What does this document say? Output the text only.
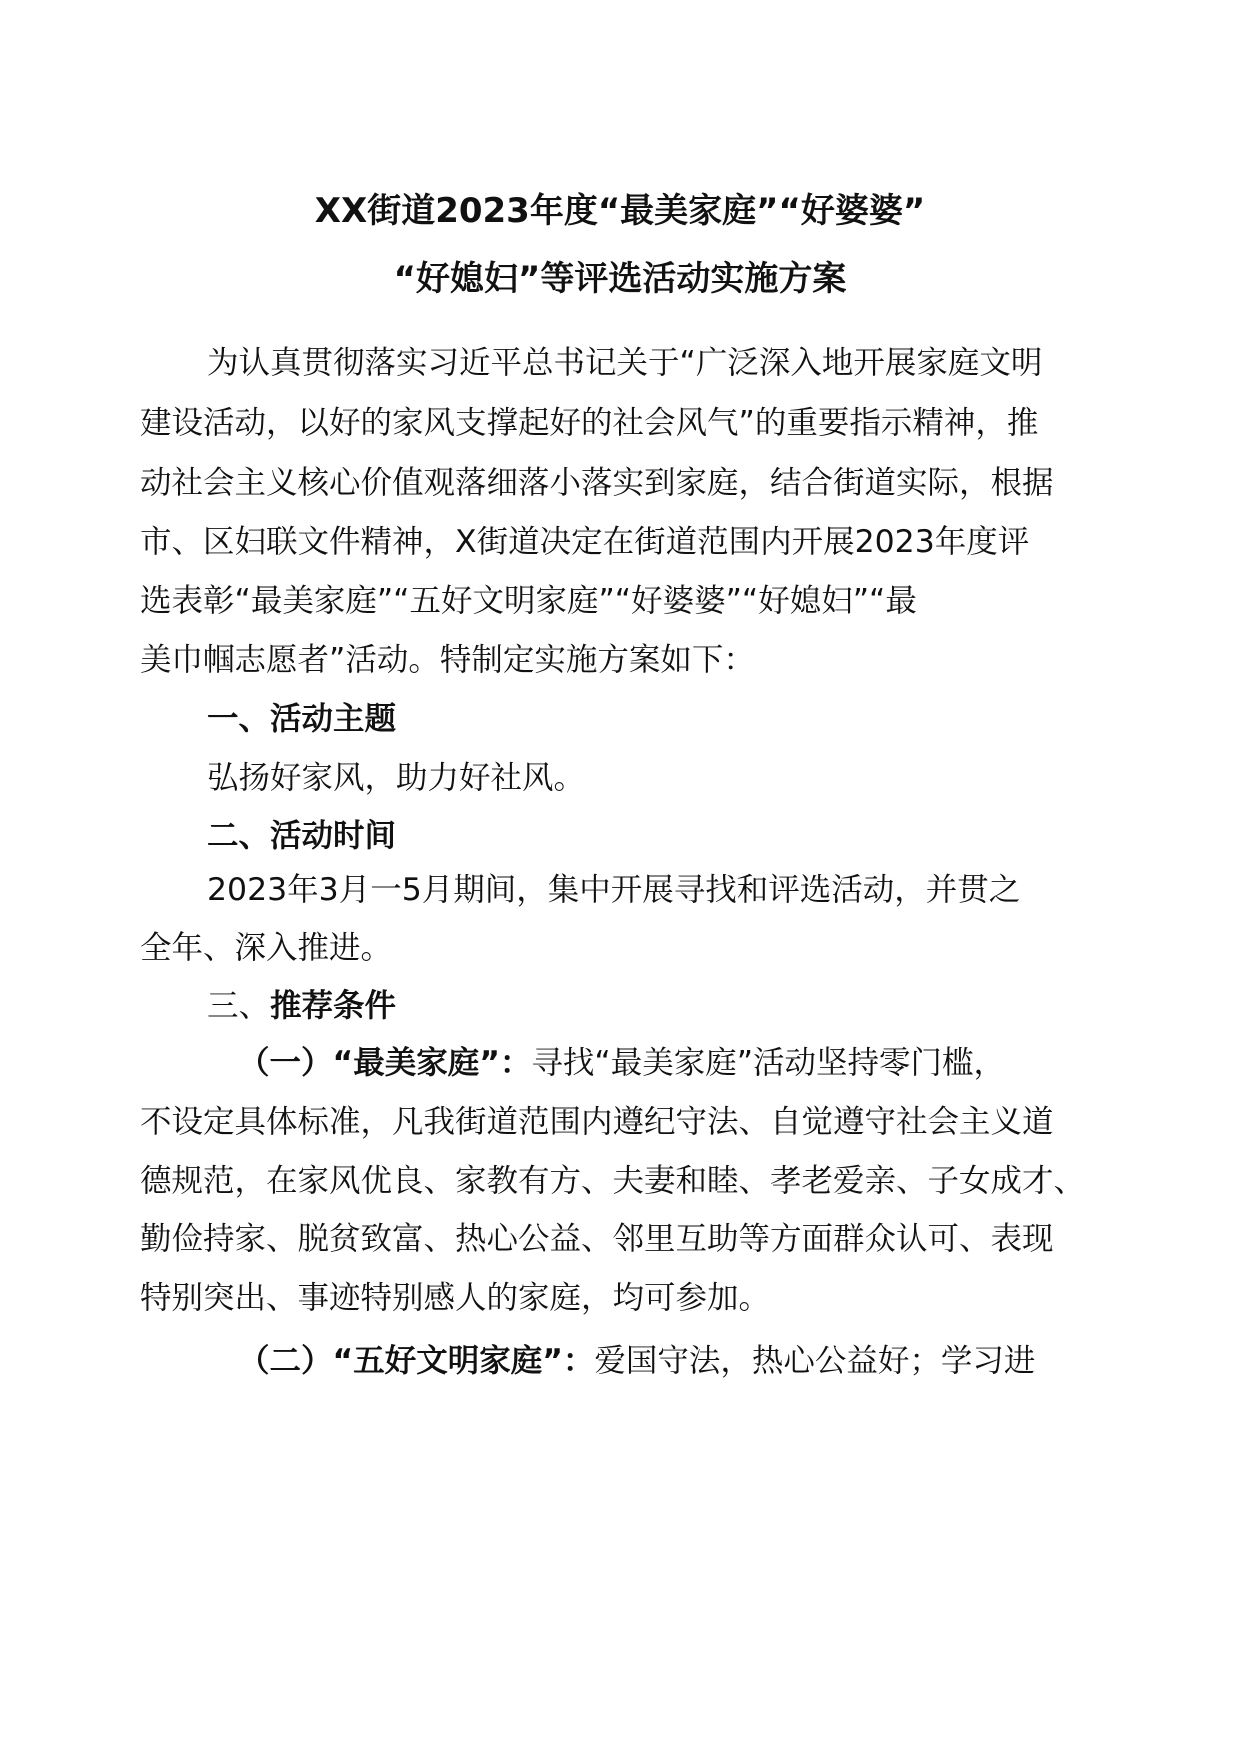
XX街道2023年度“最美家庭”“好婆婆”
“好媳妇”等评选活动实施方案
为认真贯彻落实习近平总书记关于“广泛深入地开展家庭文明
建设活动，以好的家风支撑起好的社会风气”的重要指示精神，推
动社会主义核心价值观落细落小落实到家庭，结合街道实际，根据
市、区妇联文件精神，X街道决定在街道范围内开展2023年度评
选表彰“最美家庭”“五好文明家庭”“好婆婆”“好媳妇”“最
美巾帼志愿者”活动。特制定实施方案如下：
一、活动主题
弘扬好家风，助力好社风。
二、活动时间
2023年3月一5月期间，集中开展寻找和评选活动，并贯之
全年、深入推进。
三、推荐条件
（一）“最美家庭”：寻找“最美家庭”活动坚持零门槛，
不设定具体标准，凡我街道范围内遵纪守法、自觉遵守社会主义道
德规范，在家风优良、家教有方、夫妻和睦、孝老爱亲、子女成才、
勤俭持家、脱贫致富、热心公益、邻里互助等方面群众认可、表现
特别突出、事迹特别感人的家庭，均可参加。
（二）“五好文明家庭”：爱国守法，热心公益好；学习进
